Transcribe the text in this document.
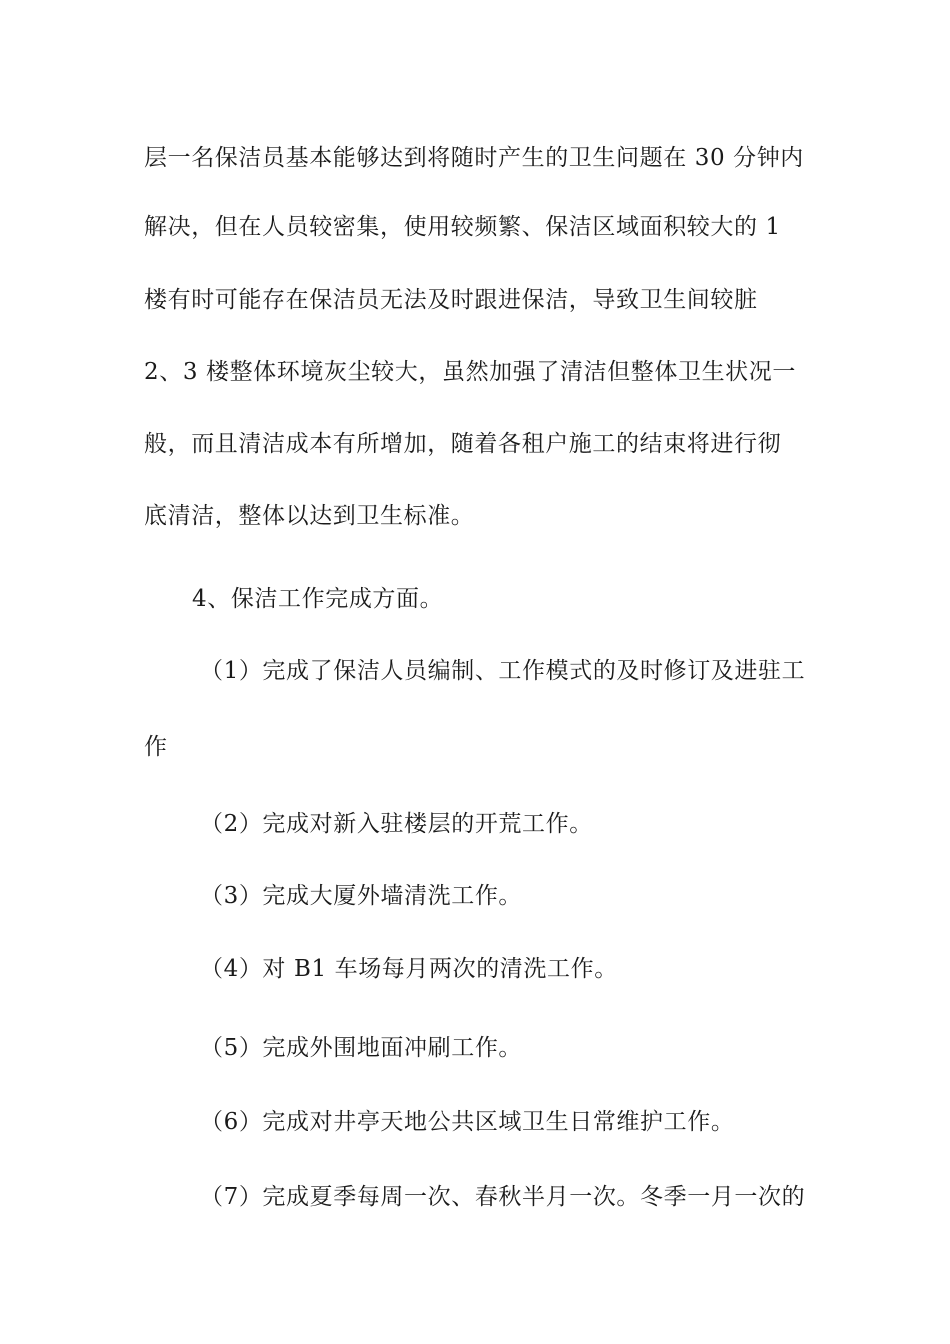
层一名保洁员基本能够达到将随时产生的卫生问题在 30 分钟内
解决，但在人员较密集，使用较频繁、保洁区域面积较大的 1
楼有时可能存在保洁员无法及时跟进保洁，导致卫生间较脏
2、3 楼整体环境灰尘较大，虽然加强了清洁但整体卫生状况一
般，而且清洁成本有所增加，随着各租户施工的结束将进行彻
底清洁，整体以达到卫生标准。
4、保洁工作完成方面。
（1）完成了保洁人员编制、工作模式的及时修订及进驻工
作
（2）完成对新入驻楼层的开荒工作。
（3）完成大厦外墙清洗工作。
（4）对 B1 车场每月两次的清洗工作。
（5）完成外围地面冲刷工作。
（6）完成对井亭天地公共区域卫生日常维护工作。
（7）完成夏季每周一次、春秋半月一次。冬季一月一次的
